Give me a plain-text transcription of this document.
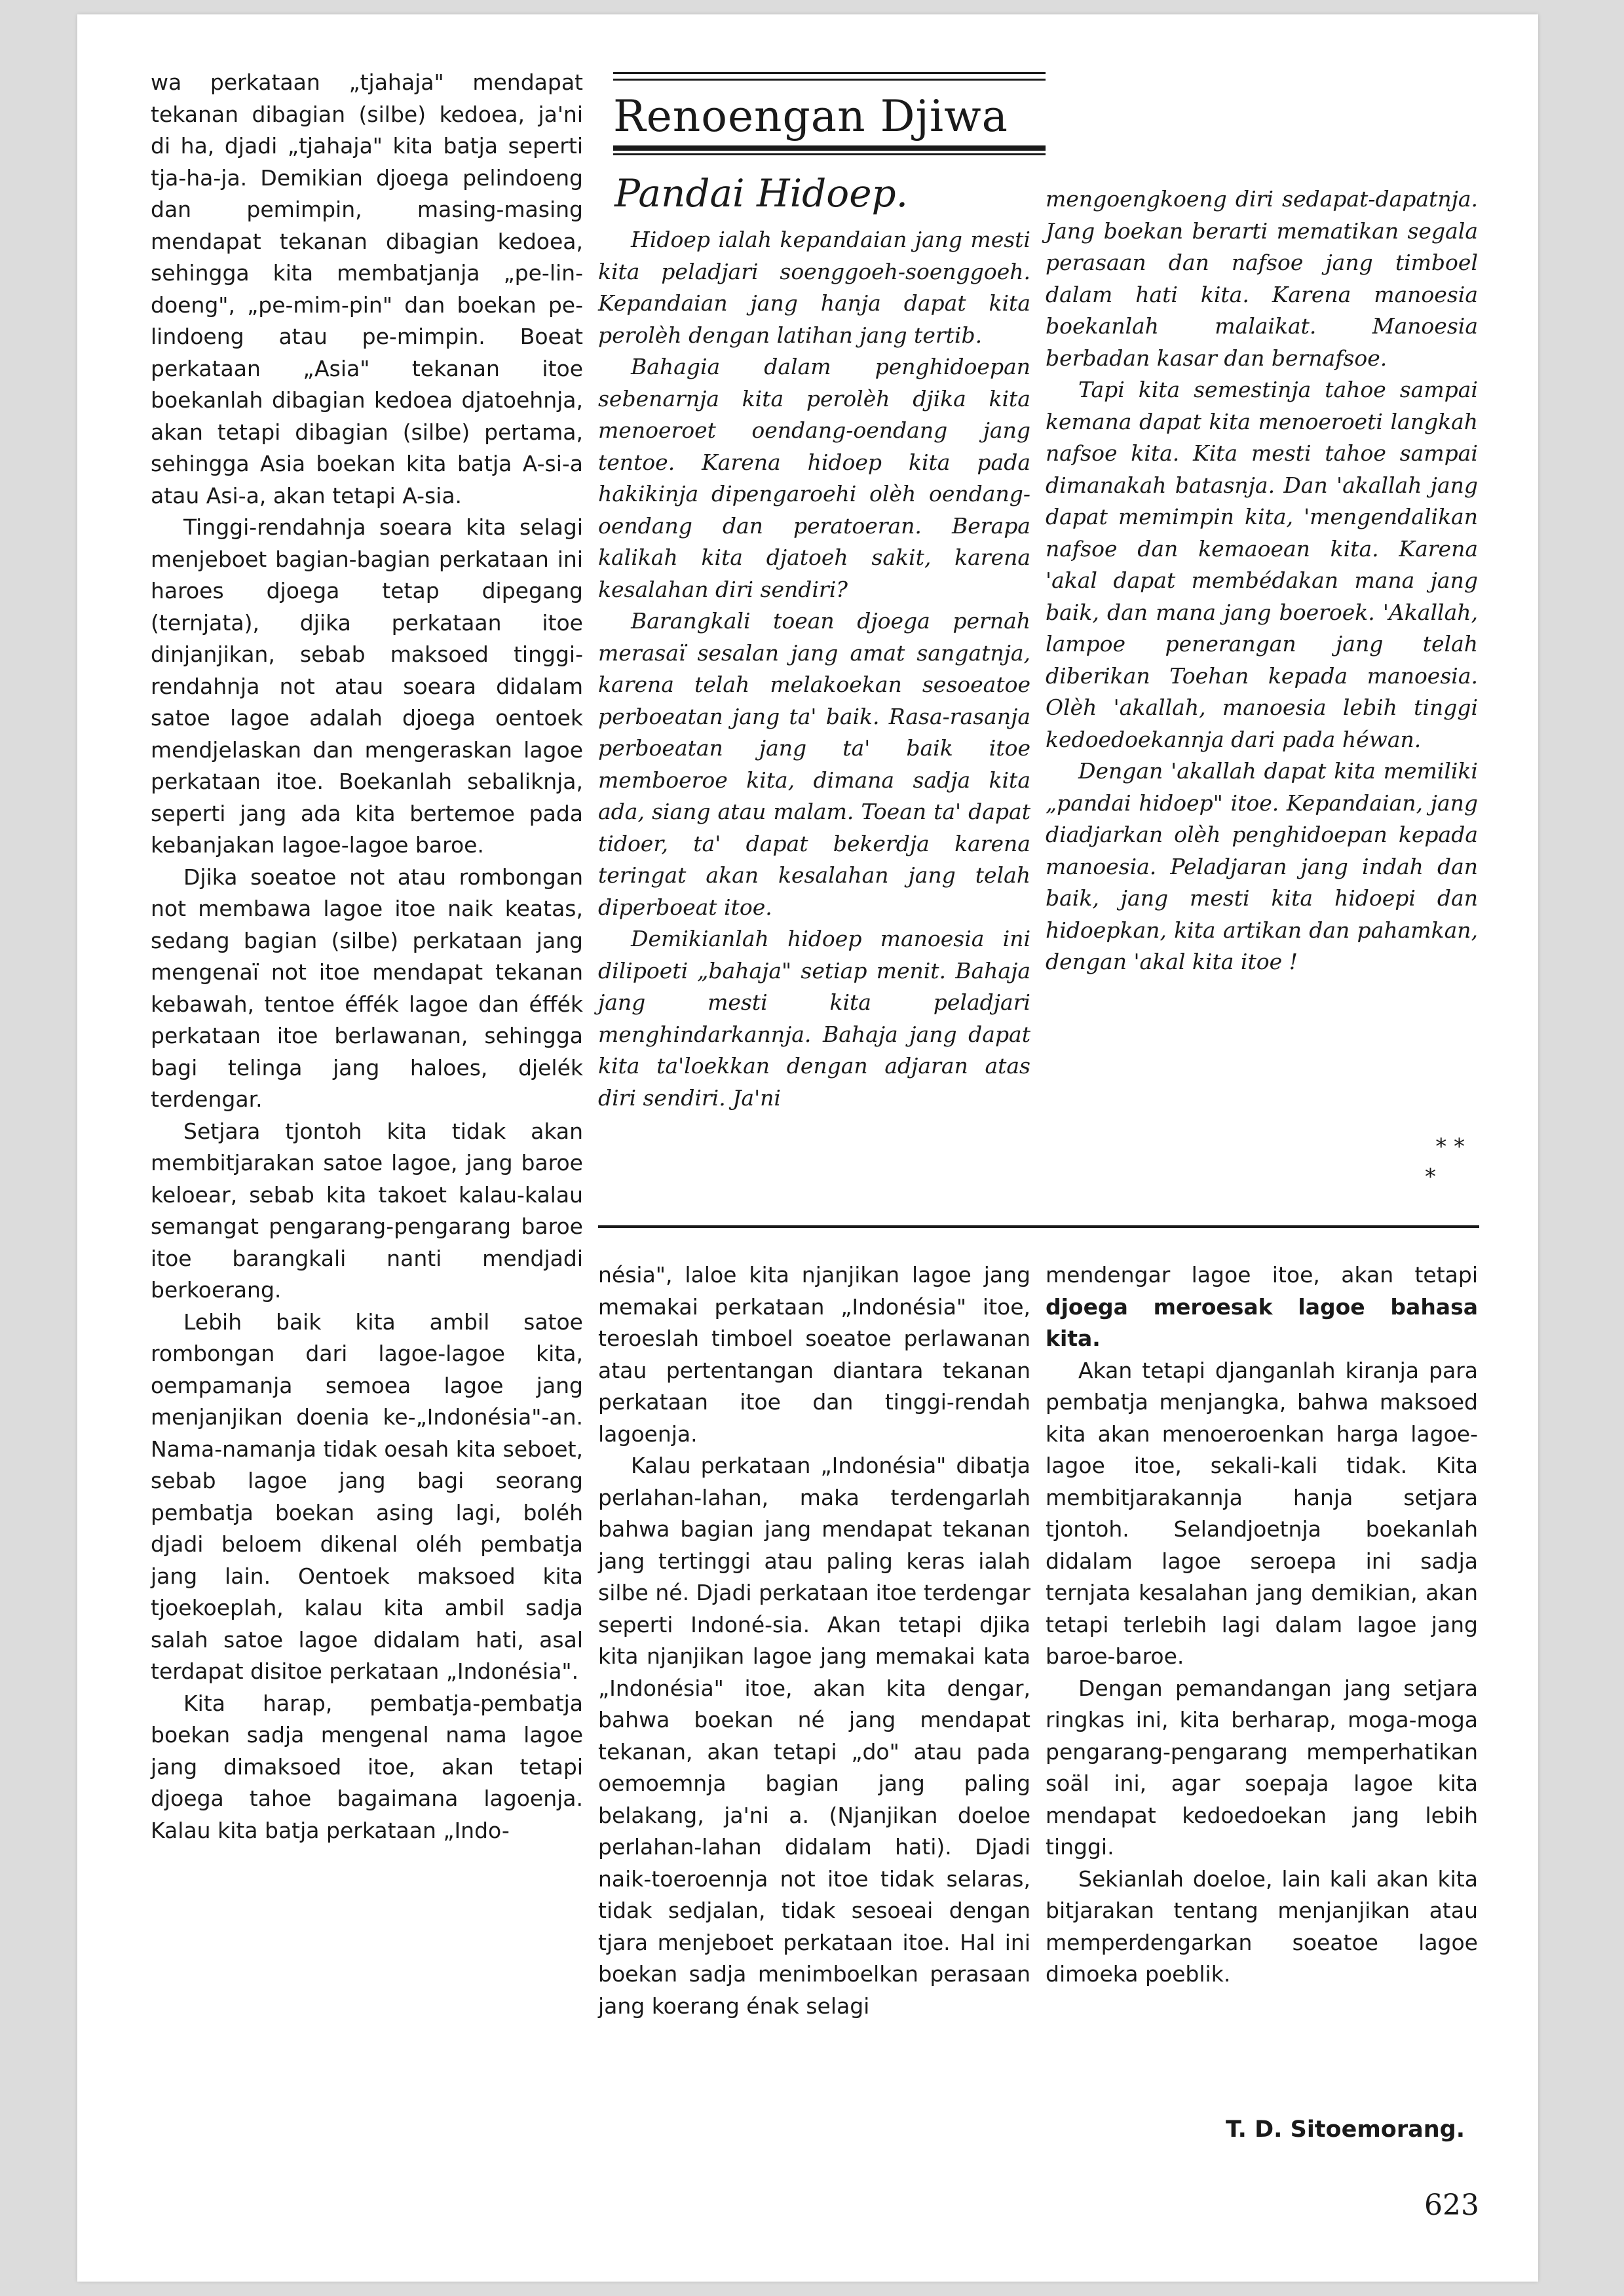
wa perkataan „tjahaja" mendapat tekanan dibagian (silbe) kedoea, ja'ni di ha, djadi „tjahaja" kita batja seperti tja-ha-ja. Demikian djoega pelindoeng dan pemimpin, masing-masing mendapat tekanan dibagian kedoea, sehingga kita membatjanja „pe-lin-doeng", „pe-mim-pin" dan boekan pe-lindoeng atau pe-mimpin. Boeat perkataan „Asia" tekanan itoe boekanlah dibagian kedoea djatoehnja, akan tetapi dibagian (silbe) pertama, sehingga Asia boekan kita batja A-si-a atau Asi-a, akan tetapi A-sia.

Tinggi-rendahnja soeara kita selagi menjeboet bagian-bagian perkataan ini haroes djoega tetap dipegang (ternjata), djika perkataan itoe dinjanjikan, sebab maksoed tinggi-rendahnja not atau soeara didalam satoe lagoe adalah djoega oentoek mendjelaskan dan mengeraskan lagoe perkataan itoe. Boekanlah sebaliknja, seperti jang ada kita bertemoe pada kebanjakan lagoe-lagoe baroe.

Djika soeatoe not atau rombongan not membawa lagoe itoe naik keatas, sedang bagian (silbe) perkataan jang mengenaï not itoe mendapat tekanan kebawah, tentoe éffék lagoe dan éffék perkataan itoe berlawanan, sehingga bagi telinga jang haloes, djelék terdengar.

Setjara tjontoh kita tidak akan membitjarakan satoe lagoe, jang baroe keloear, sebab kita takoet kalau-kalau semangat pengarang-pengarang baroe itoe barangkali nanti mendjadi berkoerang.

Lebih baik kita ambil satoe rombongan dari lagoe-lagoe kita, oempamanja semoea lagoe jang menjanjikan doenia ke-„Indonésia"-an. Nama-namanja tidak oesah kita seboet, sebab lagoe jang bagi seorang pembatja boekan asing lagi, boléh djadi beloem dikenal oléh pembatja jang lain. Oentoek maksoed kita tjoekoeplah, kalau kita ambil sadja salah satoe lagoe didalam hati, asal terdapat disitoe perkataan „Indonésia".

Kita harap, pembatja-pembatja boekan sadja mengenal nama lagoe jang dimaksoed itoe, akan tetapi djoega tahoe bagaimana lagoenja. Kalau kita batja perkataan „Indo-

Renoengan Djiwa
Pandai Hidoep.

Hidoep ialah kepandaian jang mesti kita peladjari soenggoeh-soenggoeh. Kepandaian jang hanja dapat kita perolèh dengan latihan jang tertib.

Bahagia dalam penghidoepan sebenarnja kita perolèh djika kita menoeroet oendang-oendang jang tentoe. Karena hidoep kita pada hakikinja dipengaroehi olèh oendang-oendang dan peratoeran. Berapa kalikah kita djatoeh sakit, karena kesalahan diri sendiri?

Barangkali toean djoega pernah merasaï sesalan jang amat sangatnja, karena telah melakoekan sesoeatoe perboeatan jang ta' baik. Rasa-rasanja perboeatan jang ta' baik itoe memboeroe kita, dimana sadja kita ada, siang atau malam. Toean ta' dapat tidoer, ta' dapat bekerdja karena teringat akan kesalahan jang telah diperboeat itoe.

Demikianlah hidoep manoesia ini dilipoeti „bahaja" setiap menit. Bahaja jang mesti kita peladjari menghindarkannja. Bahaja jang dapat kita ta'loekkan dengan adjaran atas diri sendiri. Ja'ni

mengoengkoeng diri sedapat-dapatnja. Jang boekan berarti mematikan segala perasaan dan nafsoe jang timboel dalam hati kita. Karena manoesia boekanlah malaikat. Manoesia berbadan kasar dan bernafsoe.

Tapi kita semestinja tahoe sampai kemana dapat kita menoeroeti langkah nafsoe kita. Kita mesti tahoe sampai dimanakah batasnja. Dan 'akallah jang dapat memimpin kita, 'mengendalikan nafsoe dan kemaoean kita. Karena 'akal dapat membédakan mana jang baik, dan mana jang boeroek. 'Akallah, lampoe penerangan jang telah diberikan Toehan kepada manoesia. Olèh 'akallah, manoesia lebih tinggi kedoedoekannja dari pada héwan.

Dengan 'akallah dapat kita memiliki „pandai hidoep" itoe. Kepandaian, jang diadjarkan olèh penghidoepan kepada manoesia. Peladjaran jang indah dan baik, jang mesti kita hidoepi dan hidoepkan, kita artikan dan pahamkan, dengan 'akal kita itoe !

* *
*

nésia", laloe kita njanjikan lagoe jang memakai perkataan „Indonésia" itoe, teroeslah timboel soeatoe perlawanan atau pertentangan diantara tekanan perkataan itoe dan tinggi-rendah lagoenja.

Kalau perkataan „Indonésia" dibatja perlahan-lahan, maka terdengarlah bahwa bagian jang mendapat tekanan jang tertinggi atau paling keras ialah silbe né. Djadi perkataan itoe terdengar seperti Indoné-sia. Akan tetapi djika kita njanjikan lagoe jang memakai kata „Indonésia" itoe, akan kita dengar, bahwa boekan né jang mendapat tekanan, akan tetapi „do" atau pada oemoemnja bagian jang paling belakang, ja'ni a. (Njanjikan doeloe perlahan-lahan didalam hati). Djadi naik-toeroennja not itoe tidak selaras, tidak sedjalan, tidak sesoeai dengan tjara menjeboet perkataan itoe. Hal ini boekan sadja menimboelkan perasaan jang koerang énak selagi

mendengar lagoe itoe, akan tetapi djoega meroesak lagoe bahasa kita.

Akan tetapi djanganlah kiranja para pembatja menjangka, bahwa maksoed kita akan menoeroenkan harga lagoe-lagoe itoe, sekali-kali tidak. Kita membitjarakannja hanja setjara tjontoh. Selandjoetnja boekanlah didalam lagoe seroepa ini sadja ternjata kesalahan jang demikian, akan tetapi terlebih lagi dalam lagoe jang baroe-baroe.

Dengan pemandangan jang setjara ringkas ini, kita berharap, moga-moga pengarang-pengarang memperhatikan soäl ini, agar soepaja lagoe kita mendapat kedoedoekan jang lebih tinggi.

Sekianlah doeloe, lain kali akan kita bitjarakan tentang menjanjikan atau memperdengarkan soeatoe lagoe dimoeka poeblik.

T. D. Sitoemorang.
623
